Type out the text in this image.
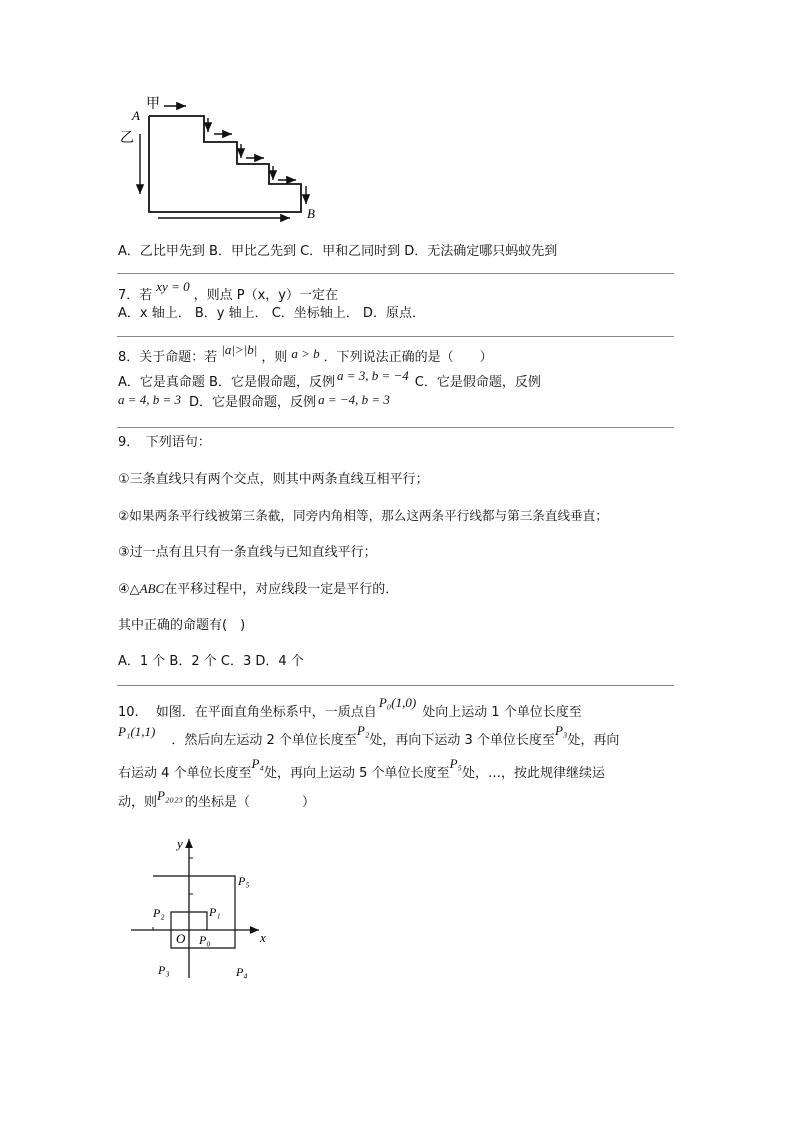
A
甲
乙
B
A．乙比甲先到 B．甲比乙先到 C．甲和乙同时到 D．无法确定哪只蚂蚁先到
7．若xy = 0，则点 P（x，y）一定在
A．x 轴上． B．y 轴上． C．坐标轴上． D．原点．
8．关于命题：若|a|>|b|，则 a > b ．下列说法正确的是（　　）
A．它是真命题 B．它是假命题，反例 a = 3, b = −4 C．它是假命题，反例
a = 4, b = 3 D．它是假命题，反例 a = −4, b = 3
9．　下列语句：
①三条直线只有两个交点，则其中两条直线互相平行；
②如果两条平行线被第三条截，同旁内角相等，那么这两条平行线都与第三条直线垂直；
③过一点有且只有一条直线与已知直线平行；
④△ABC在平移过程中，对应线段一定是平行的．
其中正确的命题有(　)
A．1 个 B．2 个 C．3 D．4 个
10.　 如图．在平面直角坐标系中，一质点自P₀(1,0)处向上运动 1 个单位长度至
P₁(1,1)．然后向左运动 2 个单位长度至P₂处，再向下运动 3 个单位长度至P₃处，再向
右运动 4 个单位长度至P₄处，再向上运动 5 个单位长度至P₅处，…，按此规律继续运
动，则P₂₀₂₃ 的坐标是（　　　　）
y
x
O P₀
P₁
P₂
P₃	P₄
P₅
